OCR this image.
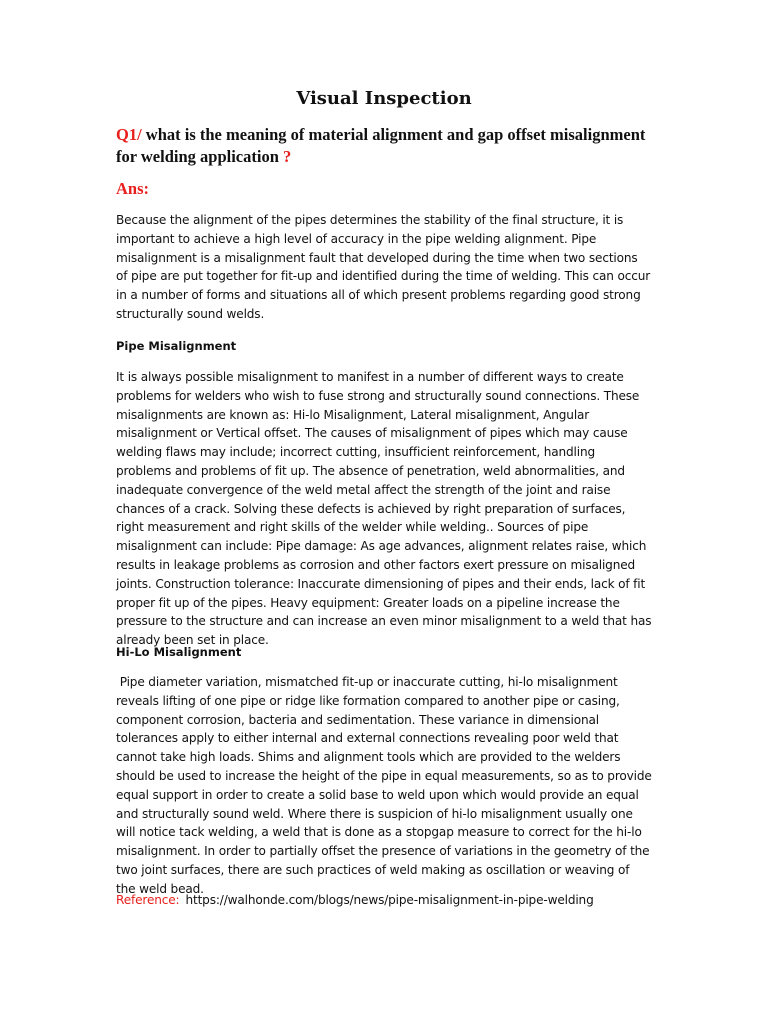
Visual Inspection

Q1/ what is the meaning of material alignment and gap offset misalignment for welding application ?

Ans:

Because the alignment of the pipes determines the stability of the final structure, it is important to achieve a high level of accuracy in the pipe welding alignment. Pipe misalignment is a misalignment fault that developed during the time when two sections of pipe are put together for fit-up and identified during the time of welding. This can occur in a number of forms and situations all of which present problems regarding good strong structurally sound welds.

Pipe Misalignment

It is always possible misalignment to manifest in a number of different ways to create problems for welders who wish to fuse strong and structurally sound connections. These misalignments are known as: Hi-lo Misalignment, Lateral misalignment, Angular misalignment or Vertical offset. The causes of misalignment of pipes which may cause welding flaws may include; incorrect cutting, insufficient reinforcement, handling problems and problems of fit up. The absence of penetration, weld abnormalities, and inadequate convergence of the weld metal affect the strength of the joint and raise chances of a crack. Solving these defects is achieved by right preparation of surfaces, right measurement and right skills of the welder while welding.. Sources of pipe misalignment can include: Pipe damage: As age advances, alignment relates raise, which results in leakage problems as corrosion and other factors exert pressure on misaligned joints. Construction tolerance: Inaccurate dimensioning of pipes and their ends, lack of fit proper fit up of the pipes. Heavy equipment: Greater loads on a pipeline increase the pressure to the structure and can increase an even minor misalignment to a weld that has already been set in place.

Hi-Lo Misalignment

Pipe diameter variation, mismatched fit-up or inaccurate cutting, hi-lo misalignment reveals lifting of one pipe or ridge like formation compared to another pipe or casing, component corrosion, bacteria and sedimentation. These variance in dimensional tolerances apply to either internal and external connections revealing poor weld that cannot take high loads. Shims and alignment tools which are provided to the welders should be used to increase the height of the pipe in equal measurements, so as to provide equal support in order to create a solid base to weld upon which would provide an equal and structurally sound weld. Where there is suspicion of hi-lo misalignment usually one will notice tack welding, a weld that is done as a stopgap measure to correct for the hi-lo misalignment. In order to partially offset the presence of variations in the geometry of the two joint surfaces, there are such practices of weld making as oscillation or weaving of the weld bead.

Reference: https://walhonde.com/blogs/news/pipe-misalignment-in-pipe-welding
